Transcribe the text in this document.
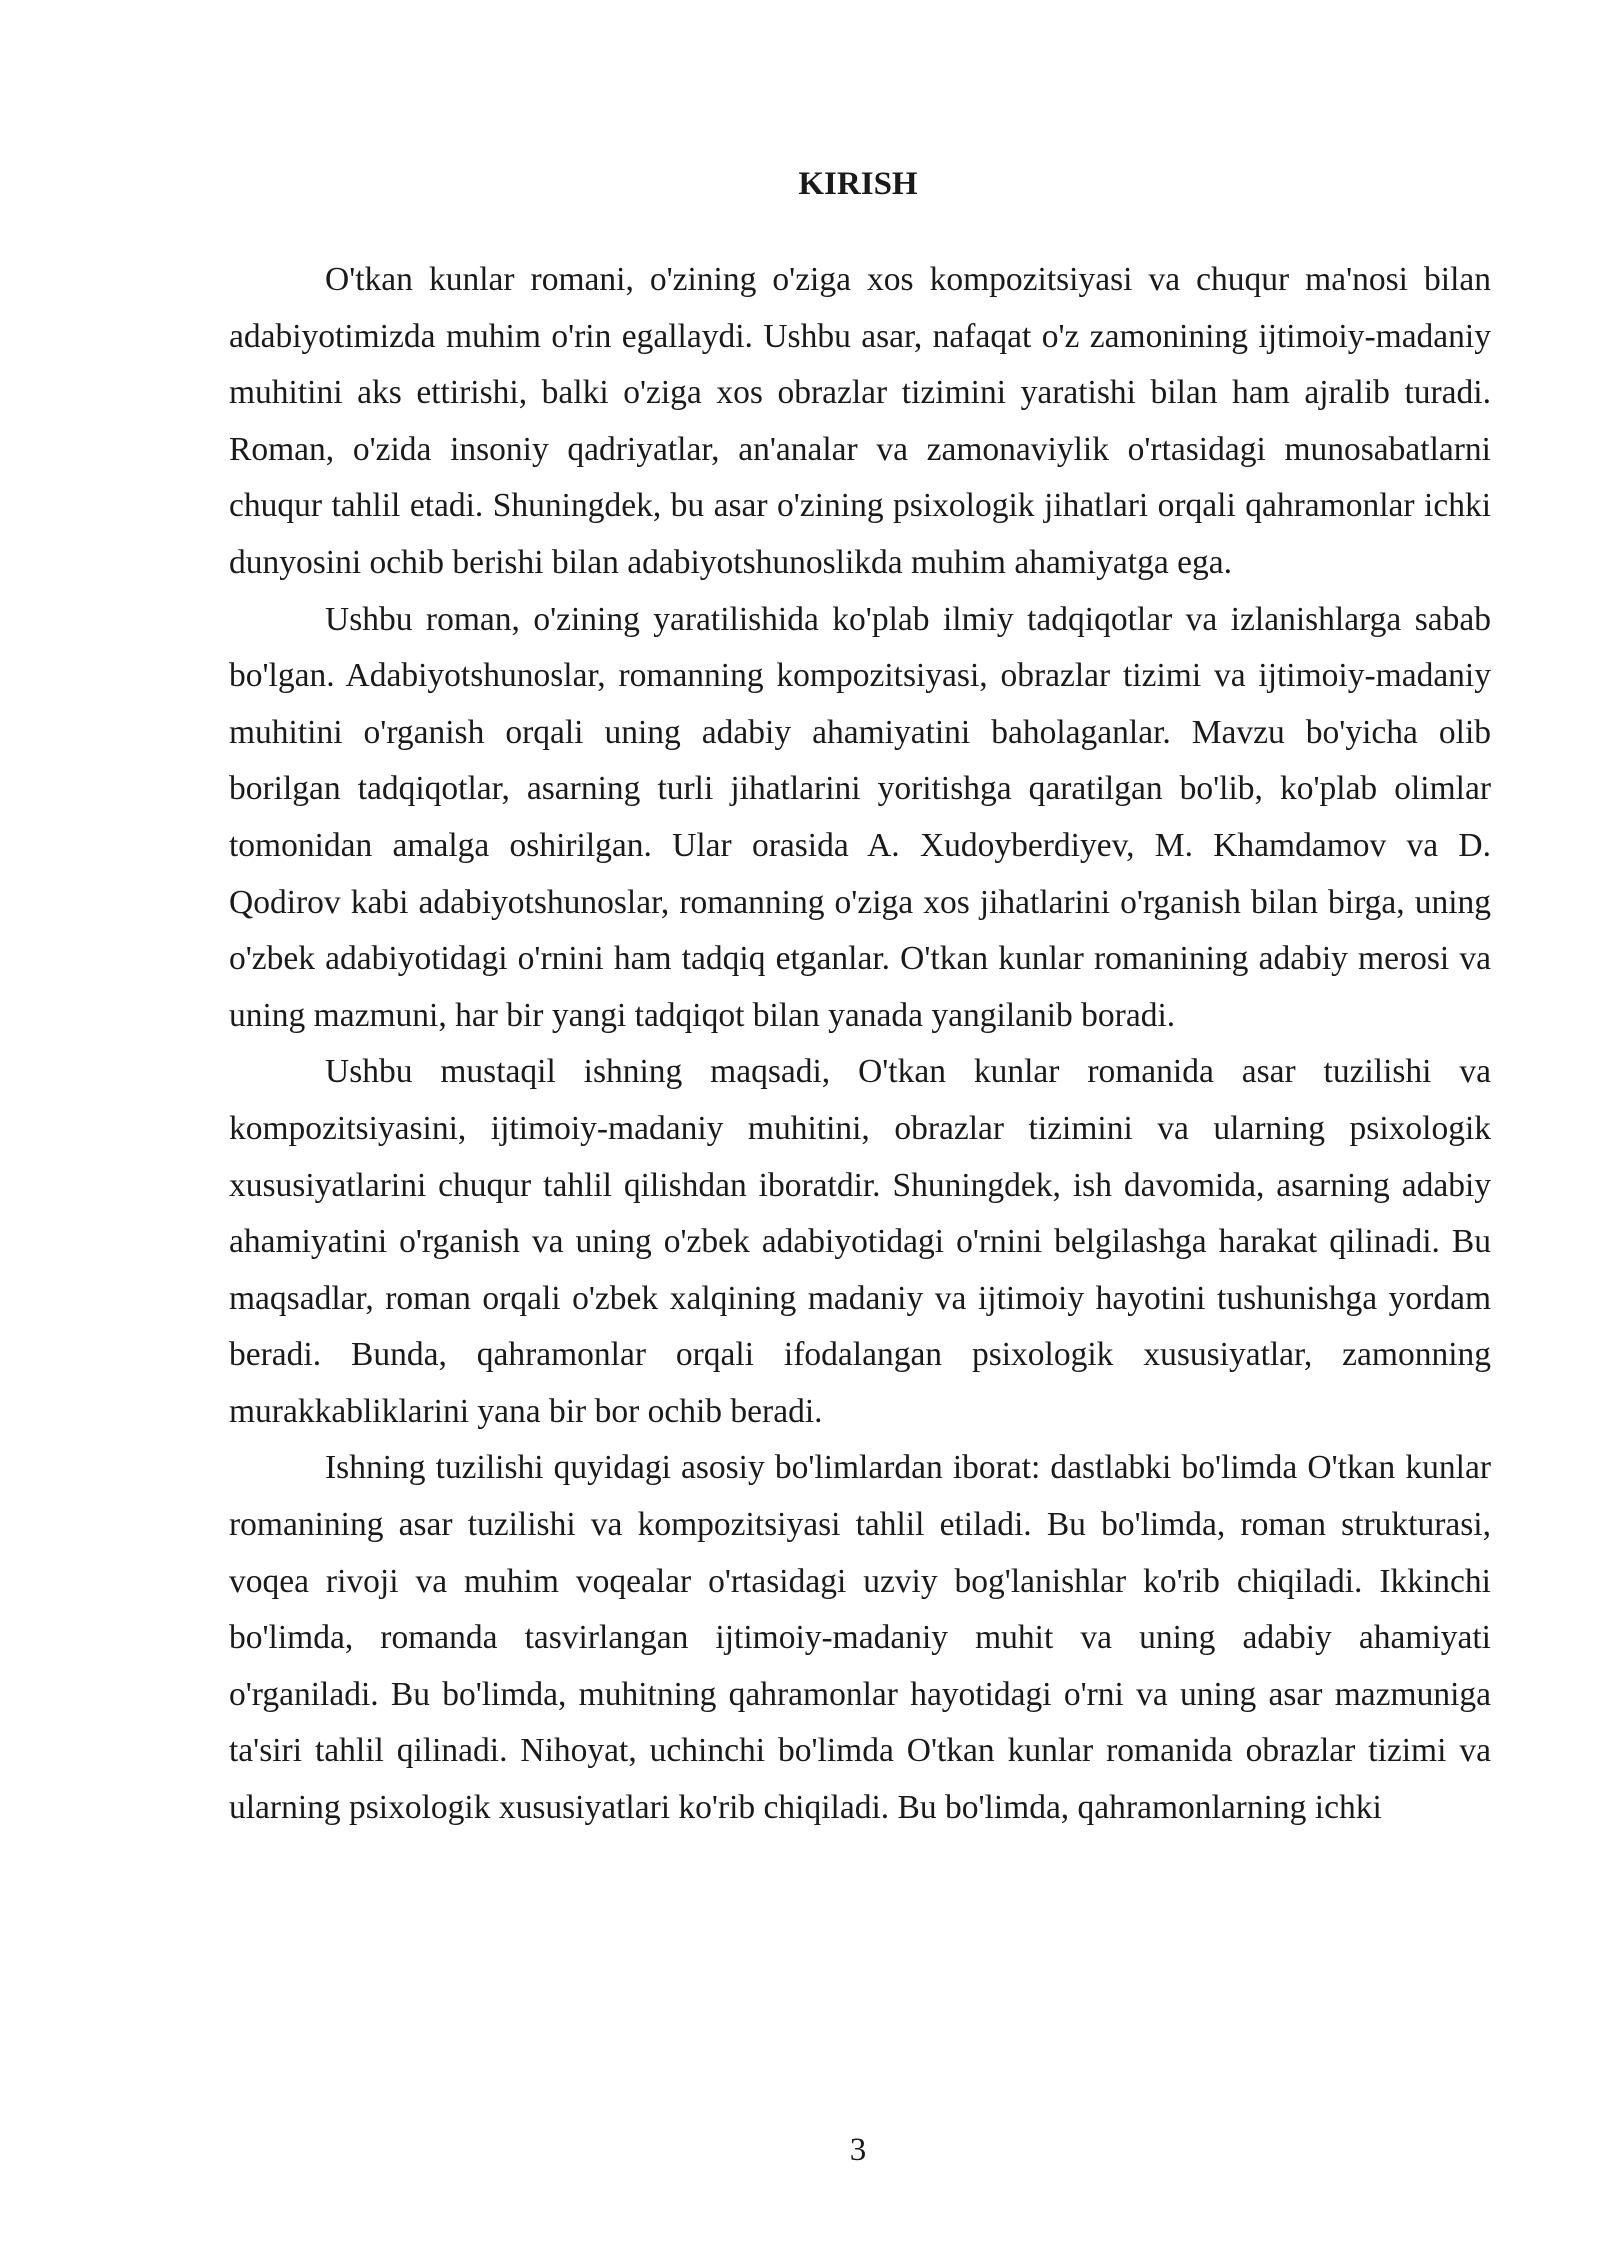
KIRISH

O'tkan kunlar romani, o'zining o'ziga xos kompozitsiyasi va chuqur ma'nosi bilan adabiyotimizda muhim o'rin egallaydi. Ushbu asar, nafaqat o'z zamonining ijtimoiy-madaniy muhitini aks ettirishi, balki o'ziga xos obrazlar tizimini yaratishi bilan ham ajralib turadi. Roman, o'zida insoniy qadriyatlar, an'analar va zamonaviylik o'rtasidagi munosabatlarni chuqur tahlil etadi. Shuningdek, bu asar o'zining psixologik jihatlari orqali qahramonlar ichki dunyosini ochib berishi bilan adabiyotshunoslikda muhim ahamiyatga ega.

Ushbu roman, o'zining yaratilishida ko'plab ilmiy tadqiqotlar va izlanishlarga sabab bo'lgan. Adabiyotshunoslar, romanning kompozitsiyasi, obrazlar tizimi va ijtimoiy-madaniy muhitini o'rganish orqali uning adabiy ahamiyatini baholaganlar. Mavzu bo'yicha olib borilgan tadqiqotlar, asarning turli jihatlarini yoritishga qaratilgan bo'lib, ko'plab olimlar tomonidan amalga oshirilgan. Ular orasida A. Xudoyberdiyev, M. Khamdamov va D. Qodirov kabi adabiyotshunoslar, romanning o'ziga xos jihatlarini o'rganish bilan birga, uning o'zbek adabiyotidagi o'rnini ham tadqiq etganlar. O'tkan kunlar romanining adabiy merosi va uning mazmuni, har bir yangi tadqiqot bilan yanada yangilanib boradi.

Ushbu mustaqil ishning maqsadi, O'tkan kunlar romanida asar tuzilishi va kompozitsiyasini, ijtimoiy-madaniy muhitini, obrazlar tizimini va ularning psixologik xususiyatlarini chuqur tahlil qilishdan iboratdir. Shuningdek, ish davomida, asarning adabiy ahamiyatini o'rganish va uning o'zbek adabiyotidagi o'rnini belgilashga harakat qilinadi. Bu maqsadlar, roman orqali o'zbek xalqining madaniy va ijtimoiy hayotini tushunishga yordam beradi. Bunda, qahramonlar orqali ifodalangan psixologik xususiyatlar, zamonning murakkabliklarini yana bir bor ochib beradi.

Ishning tuzilishi quyidagi asosiy bo'limlardan iborat: dastlabki bo'limda O'tkan kunlar romanining asar tuzilishi va kompozitsiyasi tahlil etiladi. Bu bo'limda, roman strukturasi, voqea rivoji va muhim voqealar o'rtasidagi uzviy bog'lanishlar ko'rib chiqiladi. Ikkinchi bo'limda, romanda tasvirlangan ijtimoiy-madaniy muhit va uning adabiy ahamiyati o'rganiladi. Bu bo'limda, muhitning qahramonlar hayotidagi o'rni va uning asar mazmuniga ta'siri tahlil qilinadi. Nihoyat, uchinchi bo'limda O'tkan kunlar romanida obrazlar tizimi va ularning psixologik xususiyatlari ko'rib chiqiladi. Bu bo'limda, qahramonlarning ichki

3
